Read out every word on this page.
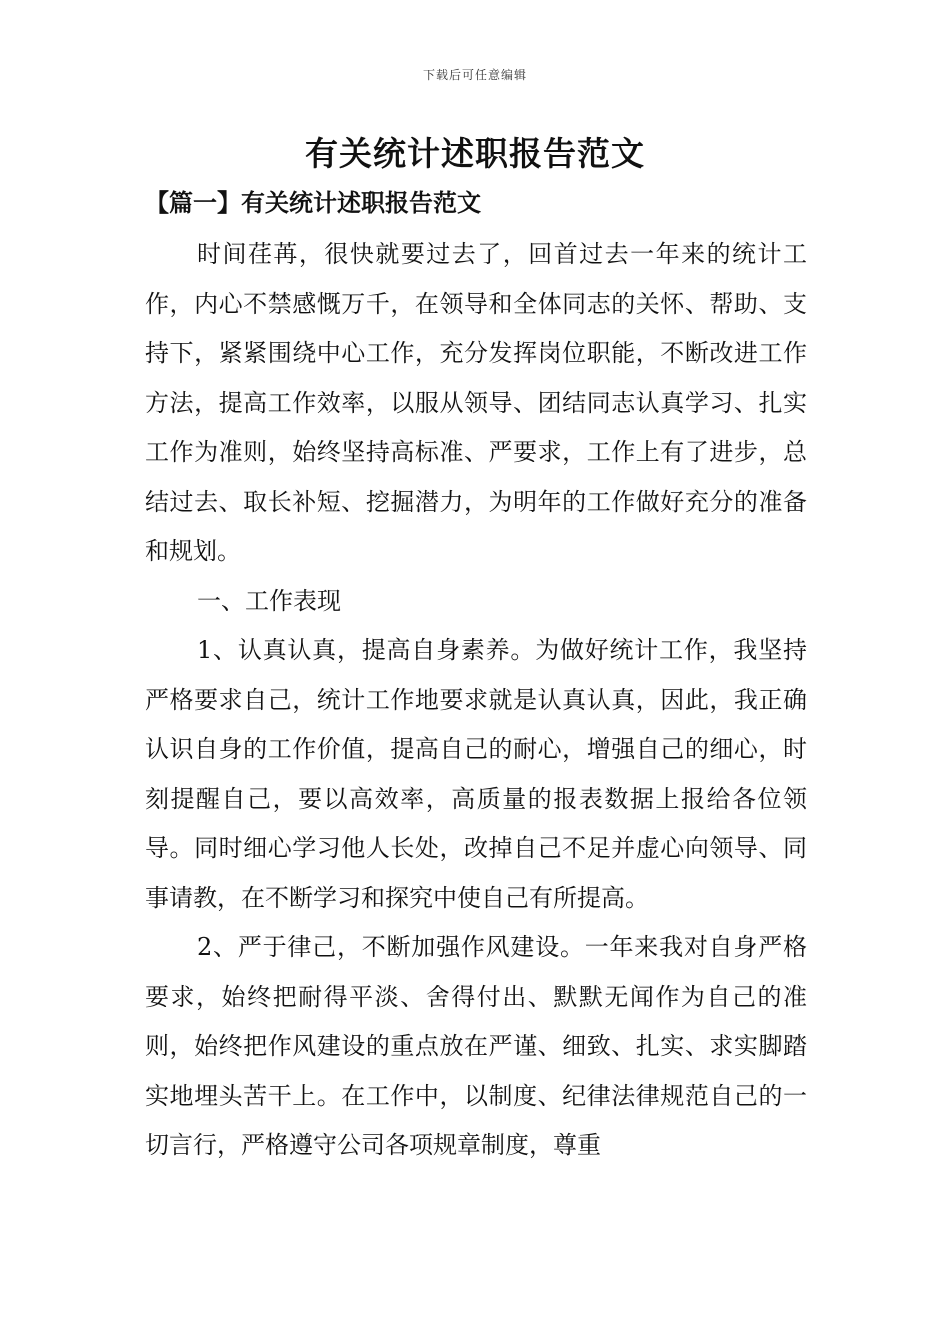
下载后可任意编辑
有关统计述职报告范文
【篇一】有关统计述职报告范文

时间荏苒，很快就要过去了，回首过去一年来的统计工作，内心不禁感慨万千，在领导和全体同志的关怀、帮助、支持下，紧紧围绕中心工作，充分发挥岗位职能，不断改进工作方法，提高工作效率，以服从领导、团结同志认真学习、扎实工作为准则，始终坚持高标准、严要求，工作上有了进步，总结过去、取长补短、挖掘潜力，为明年的工作做好充分的准备和规划。

一、工作表现

1、认真认真，提高自身素养。为做好统计工作，我坚持严格要求自己，统计工作地要求就是认真认真，因此，我正确认识自身的工作价值，提高自己的耐心，增强自己的细心，时刻提醒自己，要以高效率，高质量的报表数据上报给各位领导。同时细心学习他人长处，改掉自己不足并虚心向领导、同事请教，在不断学习和探究中使自己有所提高。

2、严于律己，不断加强作风建设。一年来我对自身严格要求，始终把耐得平淡、舍得付出、默默无闻作为自己的准则，始终把作风建设的重点放在严谨、细致、扎实、求实脚踏实地埋头苦干上。在工作中，以制度、纪律法律规范自己的一切言行，严格遵守公司各项规章制度，尊重
